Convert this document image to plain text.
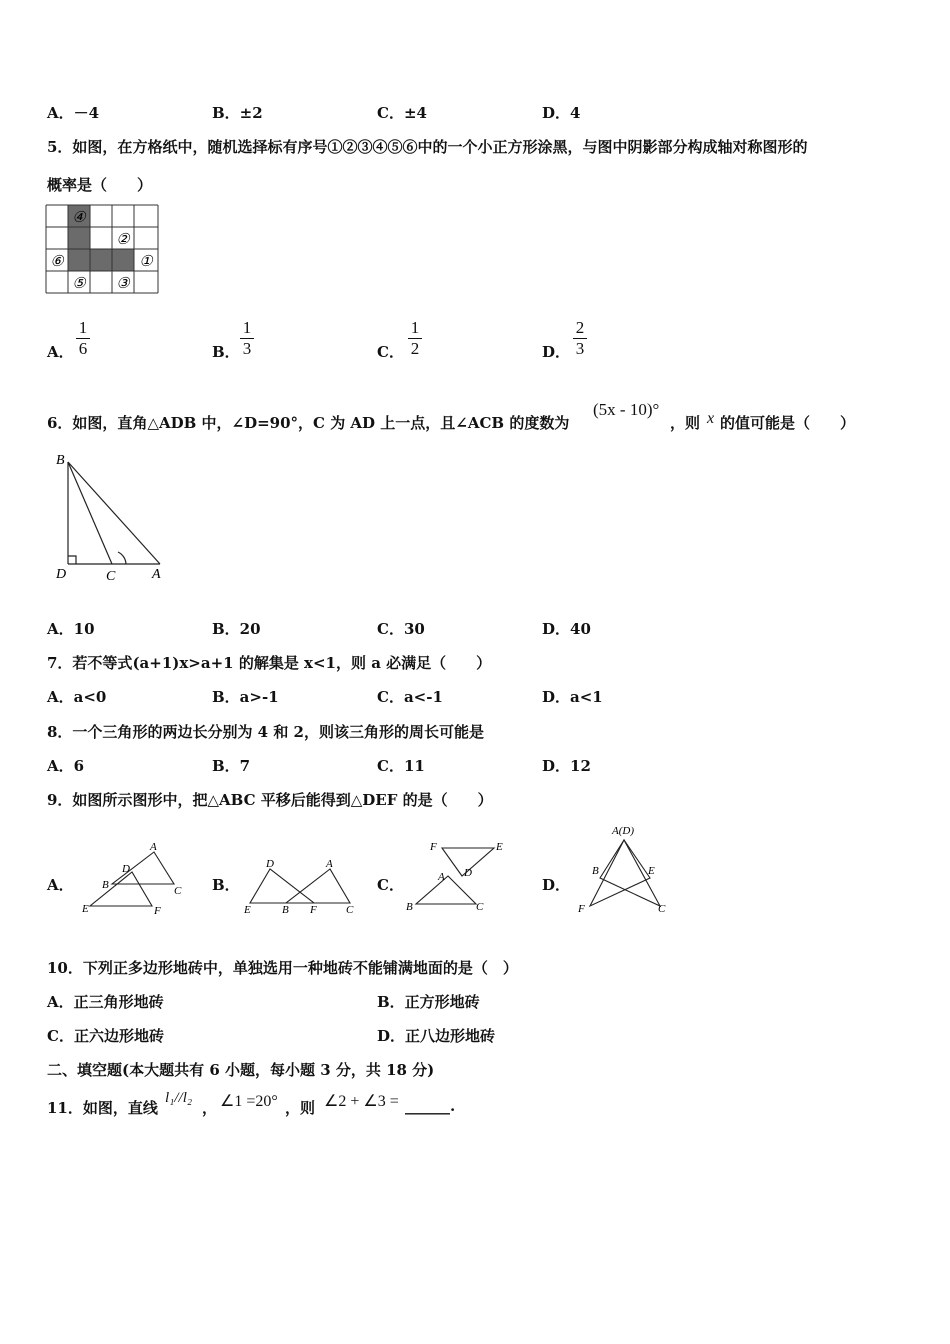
A．－4	B．±2	C．±4	D．4
5．如图，在方格纸中，随机选择标有序号①②③④⑤⑥中的一个小正方形涂黑，与图中阴影部分构成轴对称图形的
概率是（　　）
④
②
⑥	①
⑤ ③
A．
1
6	B．
1
3	C．
1
2	D．
2
3
6．如图，直角△ADB 中，∠D=90°，C 为 AD 上一点，且∠ACB 的度数为
(5x - 10)°
，则 x 的值可能是（　　）
B
D	C	A
A．10	B．20	C．30	D．40
7．若不等式(a+1)x>a+1 的解集是 x<1，则 a 必满足（　　）
A．a<0	B．a>-1	C．a<-1	D．a<1
8．一个三角形的两边长分别为 4 和 2，则该三角形的周长可能是
A．6	B．7	C．11	D．12
9．如图所示图形中，把△ABC 平移后能得到△DEF 的是（　　）
A．
A
D
B	C
E	F
B．
D	A
E	B F	C
C．
F	E
A D
B	C
D．
A(D)
B	E
F	C
10．下列正多边形地砖中，单独选用一种地砖不能铺满地面的是（　）
A．正三角形地砖	B．正方形地砖
C．正六边形地砖	D．正八边形地砖
二、填空题(本大题共有 6 小题，每小题 3 分，共 18 分)
11．如图，直线
l₁//l₂
， ∠1 =20° ，则 ∠2 + ∠3 = ______.
